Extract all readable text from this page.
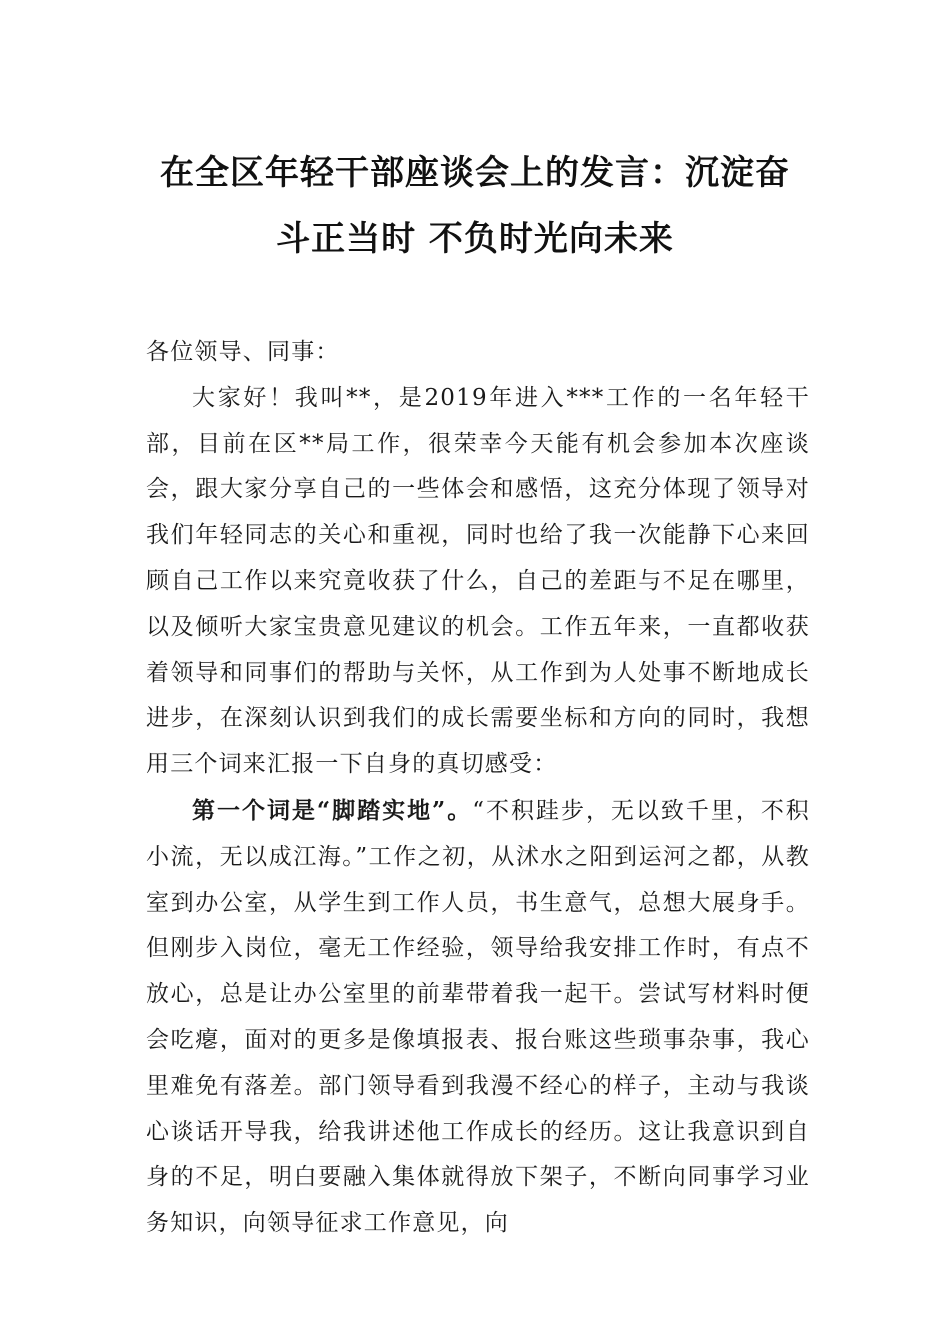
在全区年轻干部座谈会上的发言：沉淀奋
斗正当时 不负时光向未来

各位领导、同事：

大家好！我叫**，是2019年进入***工作的一名年轻干部，目前在区**局工作，很荣幸今天能有机会参加本次座谈会，跟大家分享自己的一些体会和感悟，这充分体现了领导对我们年轻同志的关心和重视，同时也给了我一次能静下心来回顾自己工作以来究竟收获了什么，自己的差距与不足在哪里，以及倾听大家宝贵意见建议的机会。工作五年来，一直都收获着领导和同事们的帮助与关怀，从工作到为人处事不断地成长进步，在深刻认识到我们的成长需要坐标和方向的同时，我想用三个词来汇报一下自身的真切感受：

第一个词是“脚踏实地”。“不积跬步，无以致千里，不积小流，无以成江海。”工作之初，从沭水之阳到运河之都，从教室到办公室，从学生到工作人员，书生意气，总想大展身手。但刚步入岗位，毫无工作经验，领导给我安排工作时，有点不放心，总是让办公室里的前辈带着我一起干。尝试写材料时便会吃瘪，面对的更多是像填报表、报台账这些琐事杂事，我心里难免有落差。部门领导看到我漫不经心的样子，主动与我谈心谈话开导我，给我讲述他工作成长的经历。这让我意识到自身的不足，明白要融入集体就得放下架子，不断向同事学习业务知识，向领导征求工作意见，向
